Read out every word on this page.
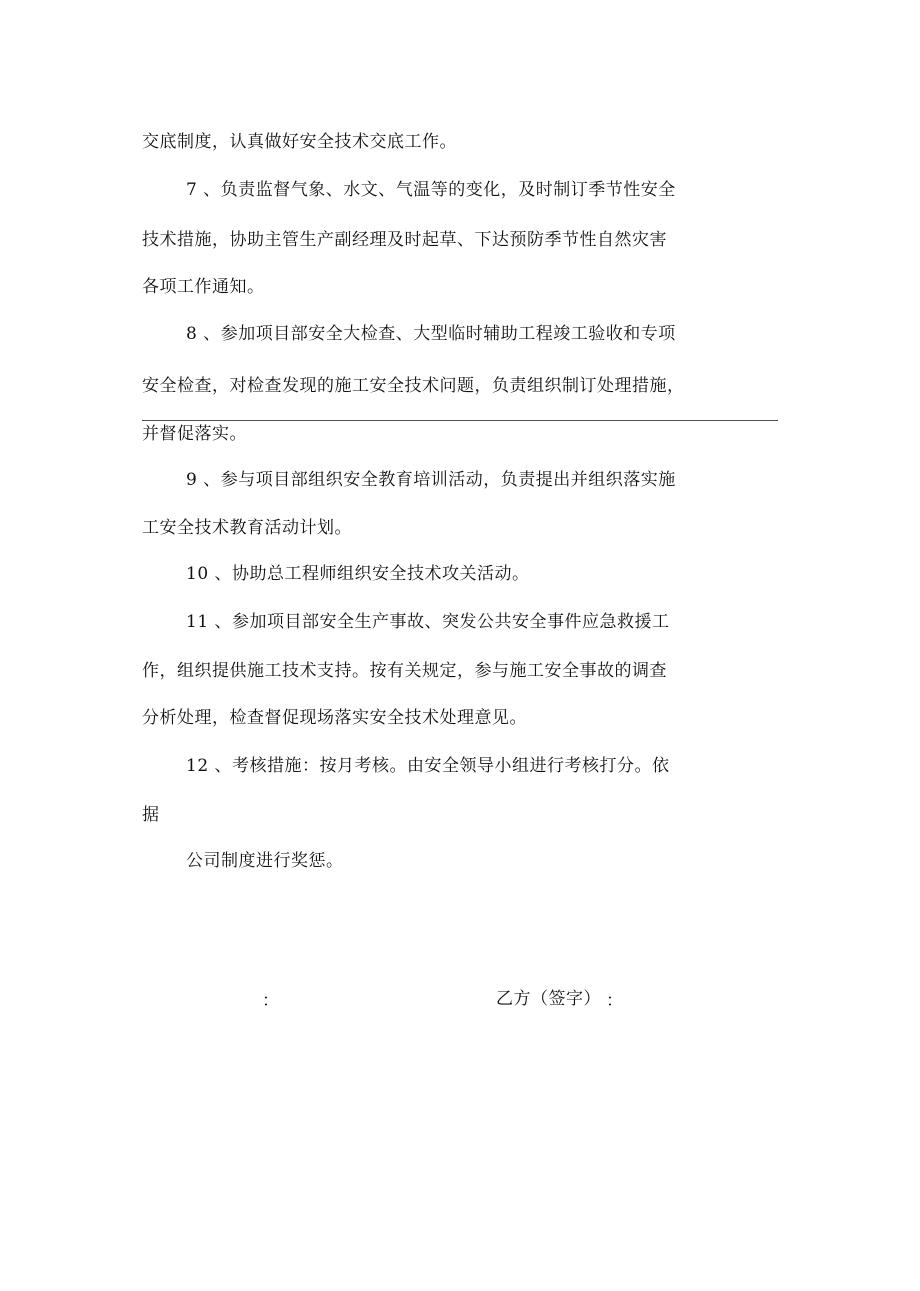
交底制度，认真做好安全技术交底工作。
7 、负责监督气象、水文、气温等的变化，及时制订季节性安全
技术措施，协助主管生产副经理及时起草、下达预防季节性自然灾害
各项工作通知。
8 、参加项目部安全大检查、大型临时辅助工程竣工验收和专项
安全检查，对检查发现的施工安全技术问题，负责组织制订处理措施，
并督促落实。
9 、参与项目部组织安全教育培训活动，负责提出并组织落实施
工安全技术教育活动计划。
10 、协助总工程师组织安全技术攻关活动。
11 、参加项目部安全生产事故、突发公共安全事件应急救援工
作，组织提供施工技术支持。按有关规定，参与施工安全事故的调查
分析处理，检查督促现场落实安全技术处理意见。
12 、考核措施：按月考核。由安全领导小组进行考核打分。依
据
公司制度进行奖惩。
：	乙方（签字） ：
